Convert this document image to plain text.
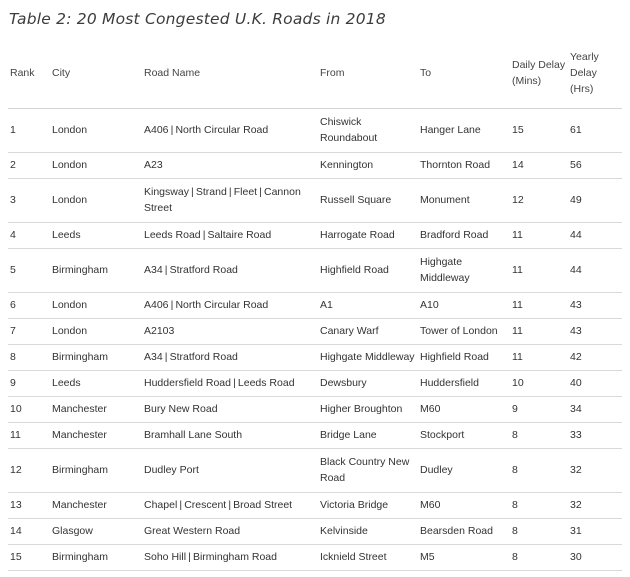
Table 2: 20 Most Congested U.K. Roads in 2018
Rank	City	Road Name	From	To	Daily Delay (Mins)	Yearly Delay (Hrs)
1	London	A406 | North Circular Road	Chiswick Roundabout	Hanger Lane	15	61
2	London	A23	Kennington	Thornton Road	14	56
3	London	Kingsway | Strand | Fleet | Cannon Street	Russell Square	Monument	12	49
4	Leeds	Leeds Road | Saltaire Road	Harrogate Road	Bradford Road	11	44
5	Birmingham	A34 | Stratford Road	Highfield Road	Highgate Middleway	11	44
6	London	A406 | North Circular Road	A1	A10	11	43
7	London	A2103	Canary Warf	Tower of London	11	43
8	Birmingham	A34 | Stratford Road	Highgate Middleway	Highfield Road	11	42
9	Leeds	Huddersfield Road | Leeds Road	Dewsbury	Huddersfield	10	40
10	Manchester	Bury New Road	Higher Broughton	M60	9	34
11	Manchester	Bramhall Lane South	Bridge Lane	Stockport	8	33
12	Birmingham	Dudley Port	Black Country New Road	Dudley	8	32
13	Manchester	Chapel | Crescent | Broad Street	Victoria Bridge	M60	8	32
14	Glasgow	Great Western Road	Kelvinside	Bearsden Road	8	31
15	Birmingham	Soho Hill | Birmingham Road	Icknield Street	M5	8	30
